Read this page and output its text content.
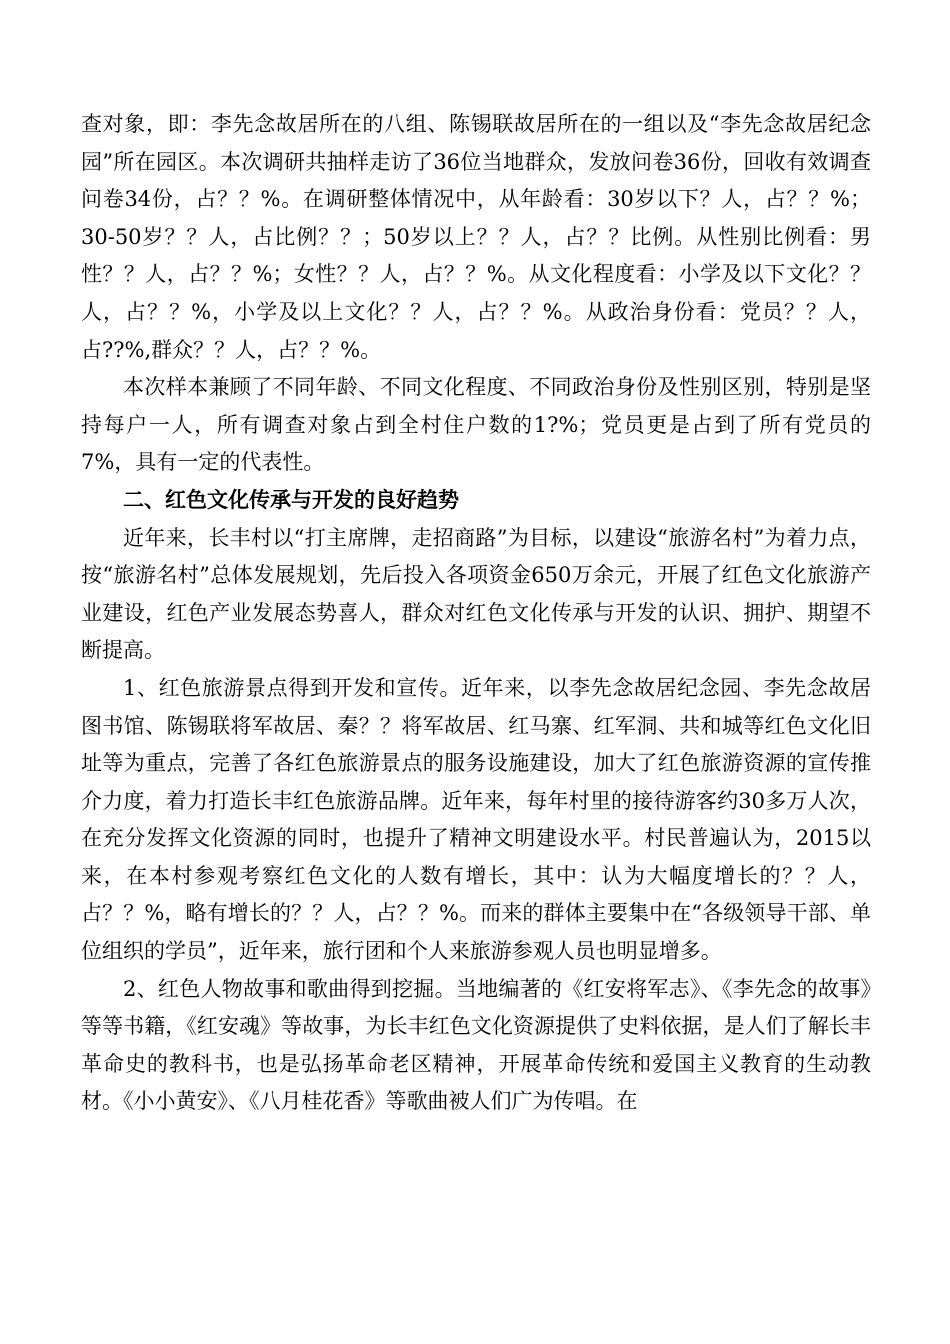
查对象，即：李先念故居所在的八组、陈锡联故居所在的一组以及“李先念故居纪念园”所在园区。本次调研共抽样走访了36位当地群众，发放问卷36份，回收有效调查问卷34份，占？？%。在调研整体情况中，从年龄看：30岁以下？人，占？？%；30-50岁？？人，占比例？？；50岁以上？？人，占？？比例。从性别比例看：男性？？人，占？？%；女性？？人，占？？%。从文化程度看：小学及以下文化？？人，占？？%，小学及以上文化？？人，占？？%。从政治身份看：党员？？人，占??%,群众？？人，占？？%。

本次样本兼顾了不同年龄、不同文化程度、不同政治身份及性别区别，特别是坚持每户一人，所有调查对象占到全村住户数的1?%；党员更是占到了所有党员的7%，具有一定的代表性。

二、红色文化传承与开发的良好趋势

近年来，长丰村以“打主席牌，走招商路”为目标，以建设“旅游名村”为着力点，按“旅游名村”总体发展规划，先后投入各项资金650万余元，开展了红色文化旅游产业建设，红色产业发展态势喜人，群众对红色文化传承与开发的认识、拥护、期望不断提高。

1、红色旅游景点得到开发和宣传。近年来，以李先念故居纪念园、李先念故居图书馆、陈锡联将军故居、秦？？将军故居、红马寨、红军洞、共和城等红色文化旧址等为重点，完善了各红色旅游景点的服务设施建设，加大了红色旅游资源的宣传推介力度，着力打造长丰红色旅游品牌。近年来，每年村里的接待游客约30多万人次，在充分发挥文化资源的同时，也提升了精神文明建设水平。村民普遍认为，2015以来，在本村参观考察红色文化的人数有增长，其中：认为大幅度增长的？？人，占？？%，略有增长的？？人，占？？%。而来的群体主要集中在“各级领导干部、单位组织的学员”，近年来，旅行团和个人来旅游参观人员也明显增多。

2、红色人物故事和歌曲得到挖掘。当地编著的《红安将军志》、《李先念的故事》等等书籍，《红安魂》等故事，为长丰红色文化资源提供了史料依据，是人们了解长丰革命史的教科书，也是弘扬革命老区精神，开展革命传统和爱国主义教育的生动教材。《小小黄安》、《八月桂花香》等歌曲被人们广为传唱。在
